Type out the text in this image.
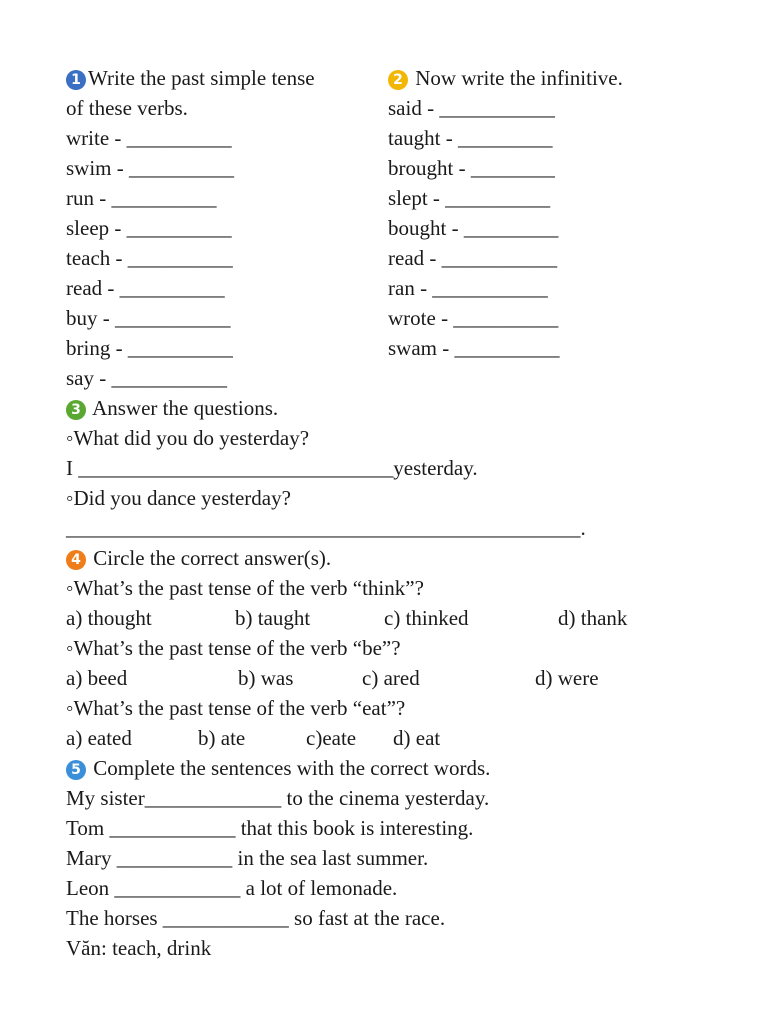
1 Write the past simple tense
of these verbs.
write - __________
swim - __________
run - __________
sleep - __________
teach - __________
read - __________
buy - ___________
bring - __________
say - ___________
2 Now write the infinitive.
said - ___________
taught - _________
brought - ________
slept - __________
bought - _________
read - ___________
ran - ___________
wrote - __________
swam - __________
3 Answer the questions.
◦What did you do yesterday?
I ______________________________yesterday.
◦Did you dance yesterday?
_________________________________________________.
4 Circle the correct answer(s).
◦What’s the past tense of the verb “think”?
a) thought	b) taught	c) thinked	d) thank
◦What’s the past tense of the verb “be”?
a) beed	b) was	c) ared	d) were
◦What’s the past tense of the verb “eat”?
a) eated	b) ate	c)eate d) eat
5 Complete the sentences with the correct words.
My sister_____________ to the cinema yesterday.
Tom ____________ that this book is interesting.
Mary ___________ in the sea last summer.
Leon ____________ a lot of lemonade.
The horses ____________ so fast at the race.
Văn: teach, drink
